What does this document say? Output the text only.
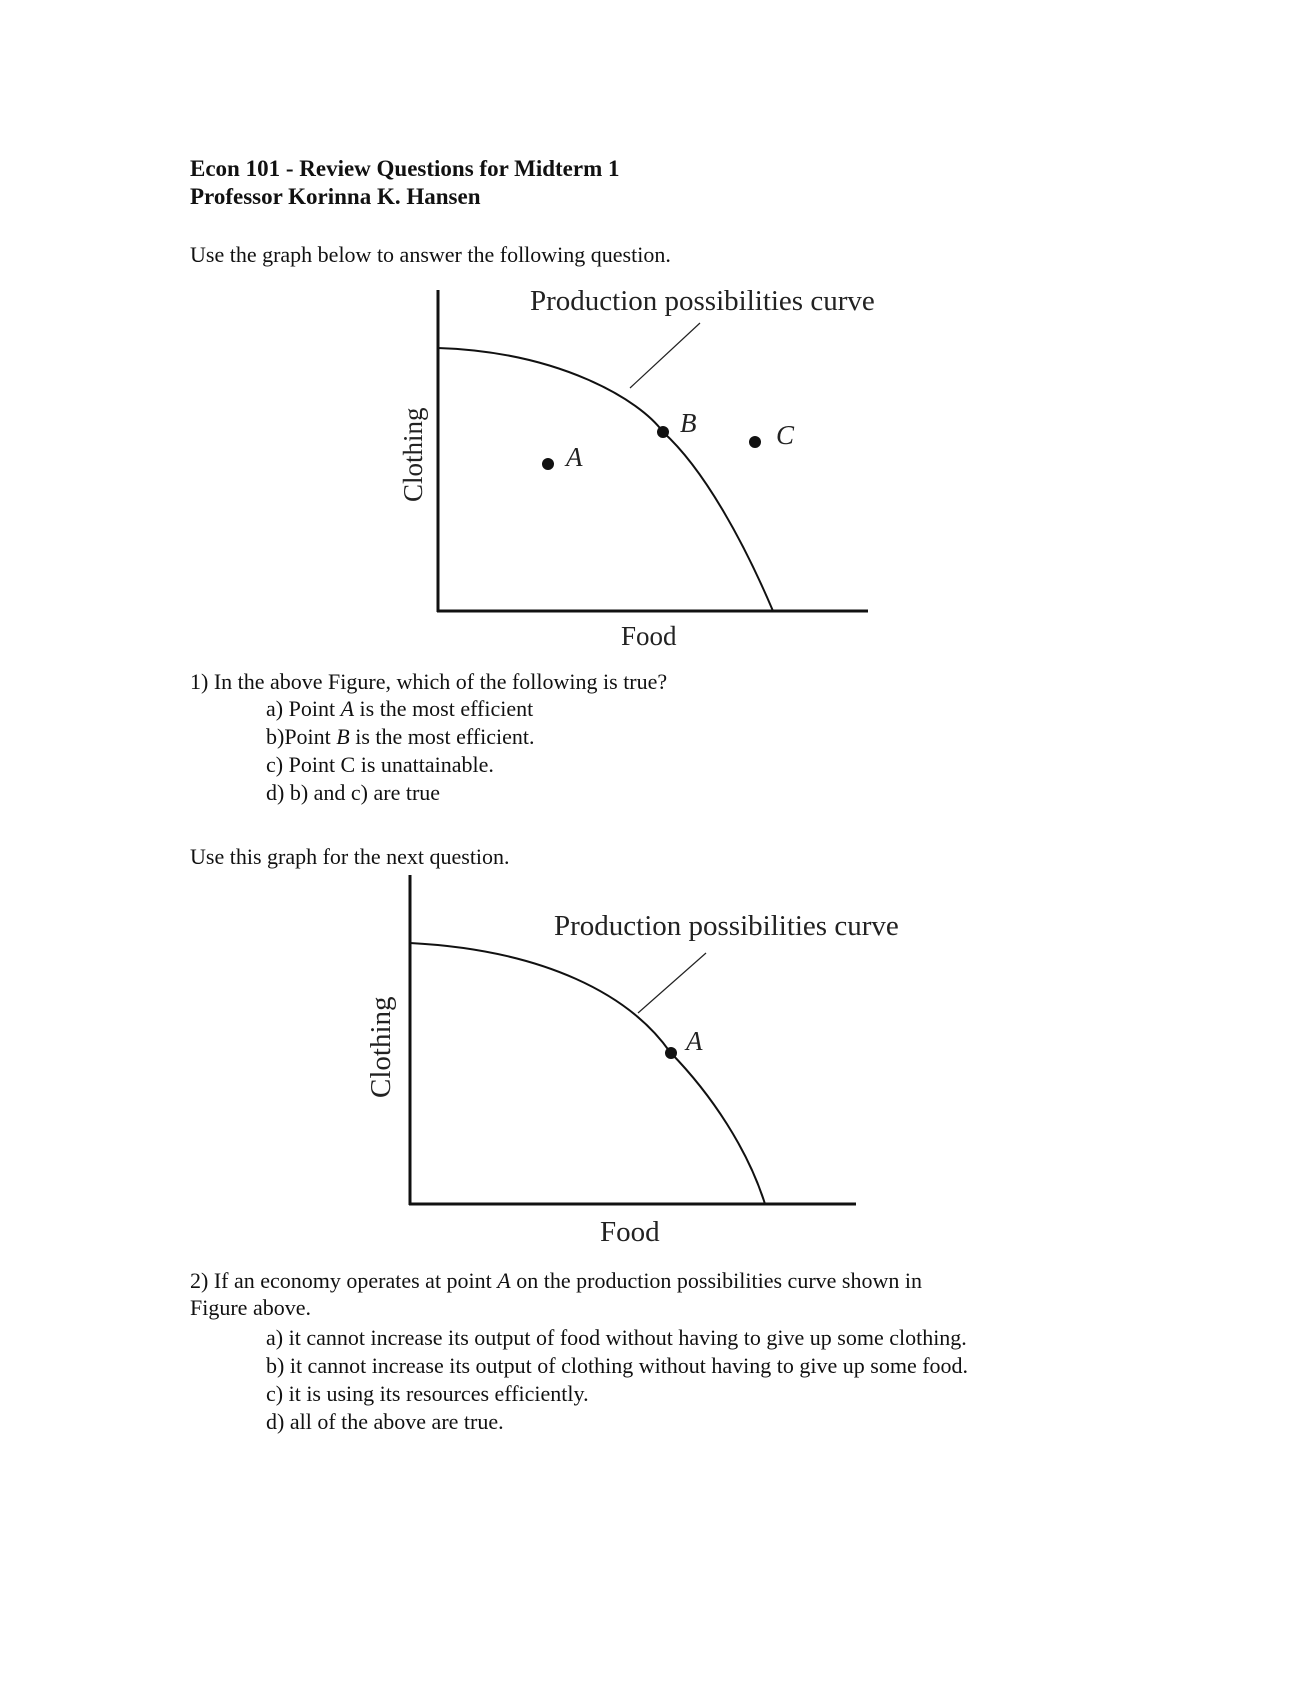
Econ 101 - Review Questions for Midterm 1
Professor Korinna K. Hansen
Use the graph below to answer the following question.
Production possibilities curve
A
B	C
Food
Clothing
1) In the above Figure, which of the following is true?
a) Point A is the most efficient
b)Point B is the most efficient.
c) Point C is unattainable.
d) b) and c) are true
Use this graph for the next question.
Production possibilities curve
A
Food
Clothing
2) If an economy operates at point A on the production possibilities curve shown in
Figure above.
a) it cannot increase its output of food without having to give up some clothing.
b) it cannot increase its output of clothing without having to give up some food.
c) it is using its resources efficiently.
d) all of the above are true.
